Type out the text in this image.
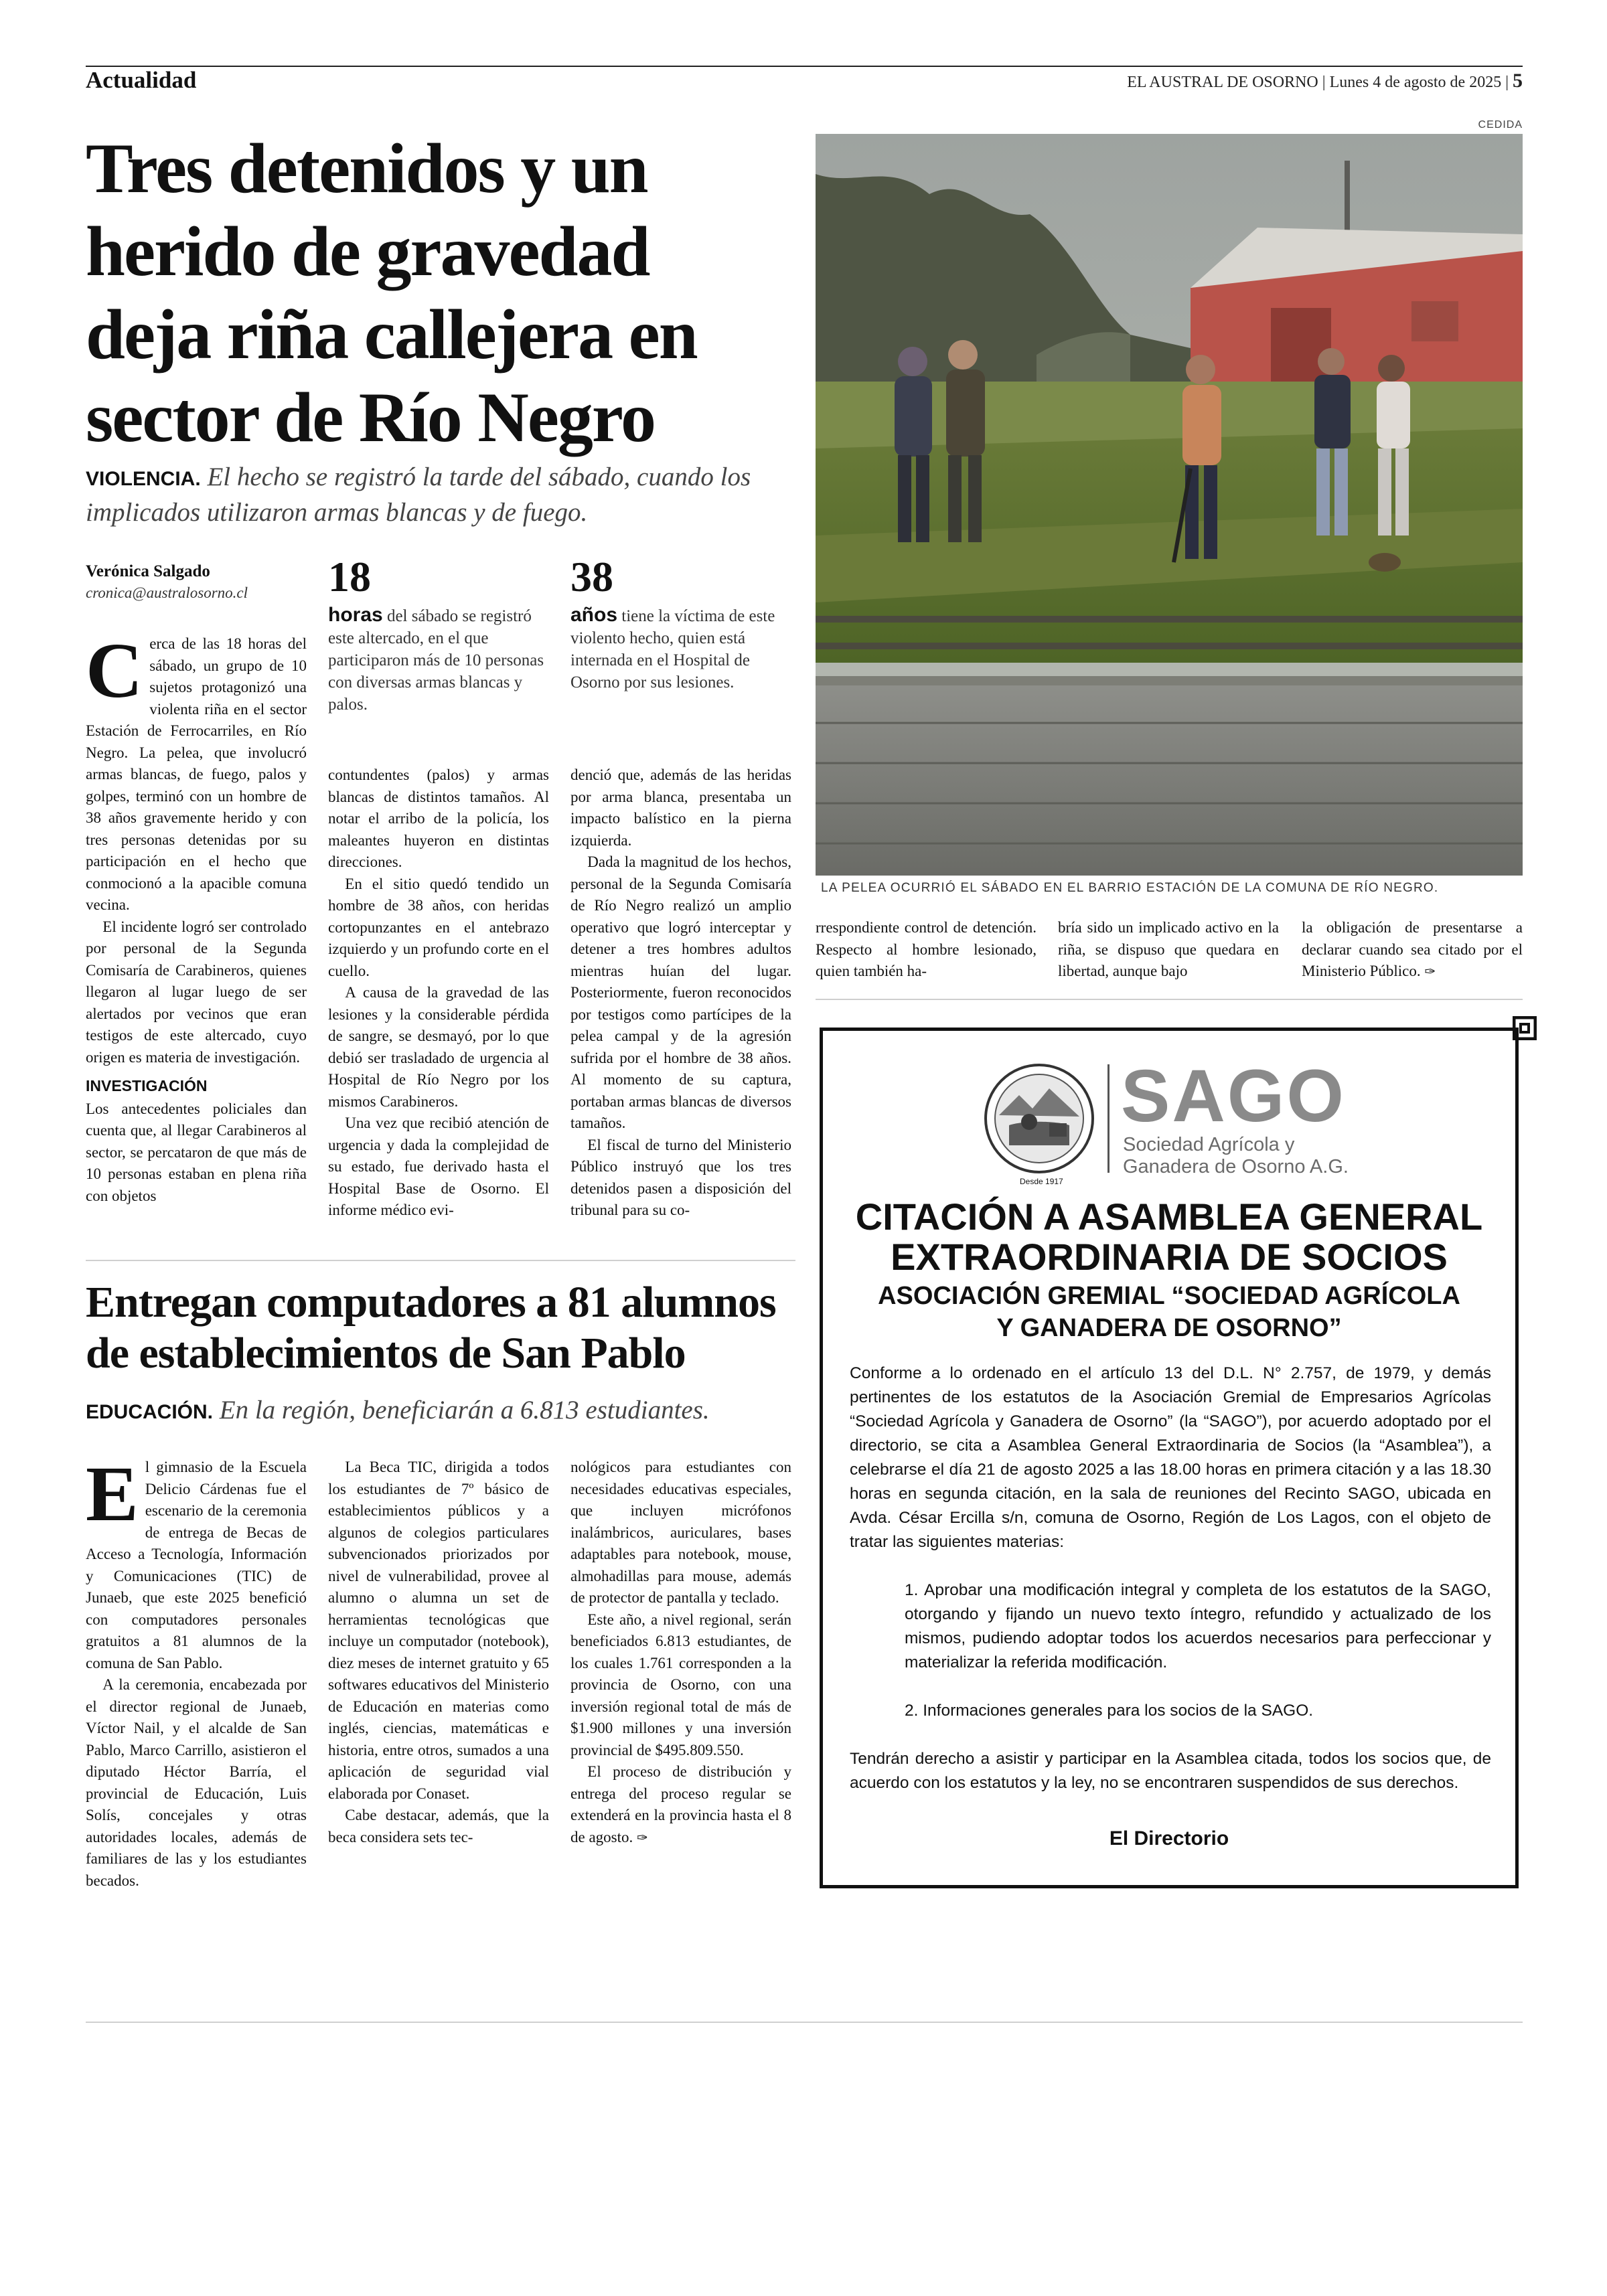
Actualidad	EL AUSTRAL DE OSORNO | Lunes 4 de agosto de 2025 | 5
Tres detenidos y un
herido de gravedad
deja riña callejera en
sector de Río Negro
VIOLENCIA. El hecho se registró la tarde del sábado, cuando los implicados utilizaron armas blancas y de fuego.
Verónica Salgado
cronica@australosorno.cl	18
horas del sábado se registró este altercado, en el que participaron más de 10 personas con diversas armas blancas y palos.
38
años tiene la víctima de este violento hecho, quien está internada en el Hospital de Osorno por sus lesiones.

Cerca de las 18 horas del sábado, un grupo de 10 sujetos protagonizó una violenta riña en el sector Estación de Ferrocarriles, en Río Negro. La pelea, que involucró armas blancas, de fuego, palos y golpes, terminó con un hombre de 38 años gravemente herido y con tres personas detenidas por su participación en el hecho que conmocionó a la apacible comuna vecina.

El incidente logró ser controlado por personal de la Segunda Comisaría de Carabineros, quienes llegaron al lugar luego de ser alertados por vecinos que eran testigos de este altercado, cuyo origen es materia de investigación.

INVESTIGACIÓN

Los antecedentes policiales dan cuenta que, al llegar Carabineros al sector, se percataron de que más de 10 personas estaban en plena riña con objetos

contundentes (palos) y armas blancas de distintos tamaños. Al notar el arribo de la policía, los maleantes huyeron en distintas direcciones.

En el sitio quedó tendido un hombre de 38 años, con heridas cortopunzantes en el antebrazo izquierdo y un profundo corte en el cuello.

A causa de la gravedad de las lesiones y la considerable pérdida de sangre, se desmayó, por lo que debió ser trasladado de urgencia al Hospital de Río Negro por los mismos Carabineros.

Una vez que recibió atención de urgencia y dada la complejidad de su estado, fue derivado hasta el Hospital Base de Osorno. El informe médico evi-

denció que, además de las heridas por arma blanca, presentaba un impacto balístico en la pierna izquierda.

Dada la magnitud de los hechos, personal de la Segunda Comisaría de Río Negro realizó un amplio operativo que logró interceptar y detener a tres hombres adultos mientras huían del lugar. Posteriormente, fueron reconocidos por testigos como partícipes de la pelea campal y de la agresión sufrida por el hombre de 38 años. Al momento de su captura, portaban armas blancas de diversos tamaños.

El fiscal de turno del Ministerio Público instruyó que los tres detenidos pasen a disposición del tribunal para su co-

CEDIDA
LA PELEA OCURRIÓ EL SÁBADO EN EL BARRIO ESTACIÓN DE LA COMUNA DE RÍO NEGRO.

rrespondiente control de detención. Respecto al hombre lesionado, quien también ha-

bría sido un implicado activo en la riña, se dispuso que quedara en libertad, aunque bajo

la obligación de presentarse a declarar cuando sea citado por el Ministerio Público. ✑

Entregan computadores a 81 alumnos
de establecimientos de San Pablo
EDUCACIÓN. En la región, beneficiarán a 6.813 estudiantes.

El gimnasio de la Escuela Delicio Cárdenas fue el escenario de la ceremonia de entrega de Becas de Acceso a Tecnología, Información y Comunicaciones (TIC) de Junaeb, que este 2025 benefició con computadores personales gratuitos a 81 alumnos de la comuna de San Pablo.

A la ceremonia, encabezada por el director regional de Junaeb, Víctor Nail, y el alcalde de San Pablo, Marco Carrillo, asistieron el diputado Héctor Barría, el provincial de Educación, Luis Solís, concejales y otras autoridades locales, además de familiares de las y los estudiantes becados.

La Beca TIC, dirigida a todos los estudiantes de 7º básico de establecimientos públicos y a algunos de colegios particulares subvencionados priorizados por nivel de vulnerabilidad, provee al alumno o alumna un set de herramientas tecnológicas que incluye un computador (notebook), diez meses de internet gratuito y 65 softwares educativos del Ministerio de Educación en materias como inglés, ciencias, matemáticas e historia, entre otros, sumados a una aplicación de seguridad vial elaborada por Conaset.

Cabe destacar, además, que la beca considera sets tec-

nológicos para estudiantes con necesidades educativas especiales, que incluyen micrófonos inalámbricos, auriculares, bases adaptables para notebook, mouse, almohadillas para mouse, además de protector de pantalla y teclado.

Este año, a nivel regional, serán beneficiados 6.813 estudiantes, de los cuales 1.761 corresponden a la provincia de Osorno, con una inversión regional total de más de $1.900 millones y una inversión provincial de $495.809.550.

El proceso de distribución y entrega del proceso regular se extenderá en la provincia hasta el 8 de agosto. ✑

Desde 1917
SAGO
Sociedad Agrícola y
Ganadera de Osorno A.G.
CITACIÓN A ASAMBLEA GENERAL
EXTRAORDINARIA DE SOCIOS
ASOCIACIÓN GREMIAL “SOCIEDAD AGRÍCOLA
Y GANADERA DE OSORNO”

Conforme a lo ordenado en el artículo 13 del D.L. N° 2.757, de 1979, y demás pertinentes de los estatutos de la Asociación Gremial de Empresarios Agrícolas “Sociedad Agrícola y Ganadera de Osorno” (la “SAGO”), por acuerdo adoptado por el directorio, se cita a Asamblea General Extraordinaria de Socios (la “Asamblea”), a celebrarse el día 21 de agosto 2025 a las 18.00 horas en primera citación y a las 18.30 horas en segunda citación, en la sala de reuniones del Recinto SAGO, ubicada en Avda. César Ercilla s/n, comuna de Osorno, Región de Los Lagos, con el objeto de tratar las siguientes materias:

1. Aprobar una modificación integral y completa de los estatutos de la SAGO, otorgando y fijando un nuevo texto íntegro, refundido y actualizado de los mismos, pudiendo adoptar todos los acuerdos necesarios para perfeccionar y materializar la referida modificación.

2. Informaciones generales para los socios de la SAGO.

Tendrán derecho a asistir y participar en la Asamblea citada, todos los socios que, de acuerdo con los estatutos y la ley, no se encontraren suspendidos de sus derechos.

El Directorio
